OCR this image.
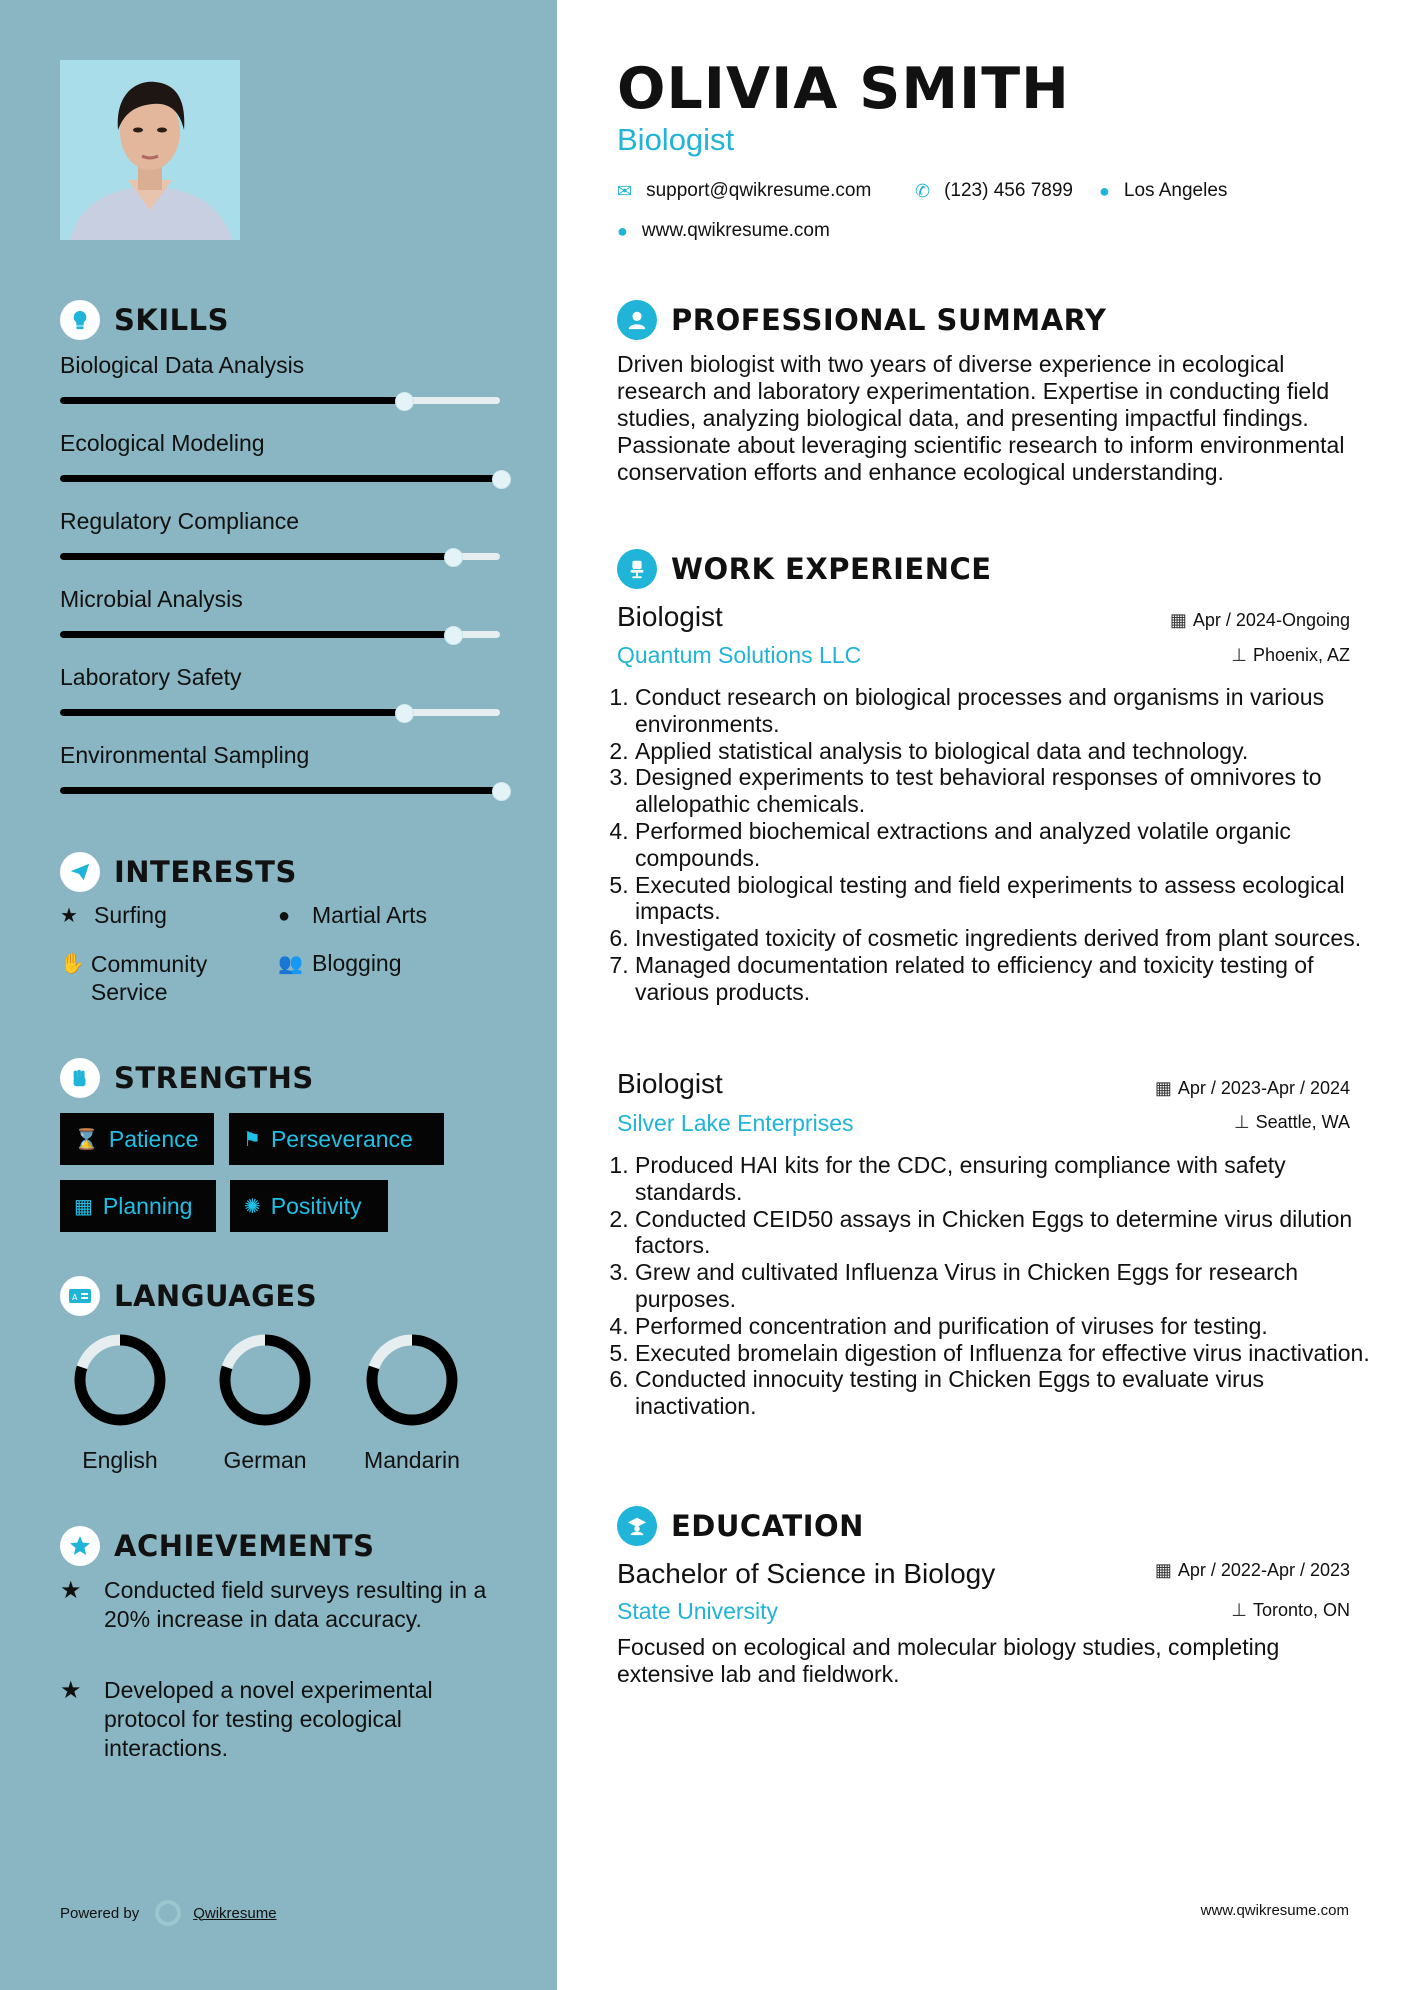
SKILLS
Biological Data Analysis
Ecological Modeling
Regulatory Compliance
Microbial Analysis
Laboratory Safety
Environmental Sampling
INTERESTS
★ Surfing	● Martial Arts
✋ Community Service
👥 Blogging
STRENGTHS
⌛ Patience ⚑ Perseverance
▦ Planning	✺ Positivity
A LANGUAGES
English	German	Mandarin
ACHIEVEMENTS
★ Conducted field surveys resulting in a 20% increase in data accuracy.
★ Developed a novel experimental protocol for testing ecological interactions.
Powered by	Qwikresume
OLIVIA SMITH
Biologist
✉ support@qwikresume.com ✆ (123) 456 7899 ● Los Angeles
● www.qwikresume.com
PROFESSIONAL SUMMARY
Driven biologist with two years of diverse experience in ecological research and laboratory experimentation. Expertise in conducting field studies, analyzing biological data, and presenting impactful findings. Passionate about leveraging scientific research to inform environmental conservation efforts and enhance ecological understanding.
WORK EXPERIENCE
Biologist	▦ Apr / 2024-Ongoing
Quantum Solutions LLC	⊥ Phoenix, AZ
1. Conduct research on biological processes and organisms in various environments.
2. Applied statistical analysis to biological data and technology.
3. Designed experiments to test behavioral responses of omnivores to allelopathic chemicals.
4. Performed biochemical extractions and analyzed volatile organic compounds.
5. Executed biological testing and field experiments to assess ecological impacts.
6. Investigated toxicity of cosmetic ingredients derived from plant sources.
7. Managed documentation related to efficiency and toxicity testing of various products.
Biologist	▦ Apr / 2023-Apr / 2024
Silver Lake Enterprises	⊥ Seattle, WA
1. Produced HAI kits for the CDC, ensuring compliance with safety standards.
2. Conducted CEID50 assays in Chicken Eggs to determine virus dilution factors.
3. Grew and cultivated Influenza Virus in Chicken Eggs for research purposes.
4. Performed concentration and purification of viruses for testing.
5. Executed bromelain digestion of Influenza for effective virus inactivation.
6. Conducted innocuity testing in Chicken Eggs to evaluate virus inactivation.
EDUCATION
Bachelor of Science in Biology	▦ Apr / 2022-Apr / 2023
State University	⊥ Toronto, ON
Focused on ecological and molecular biology studies, completing extensive lab and fieldwork.
www.qwikresume.com
